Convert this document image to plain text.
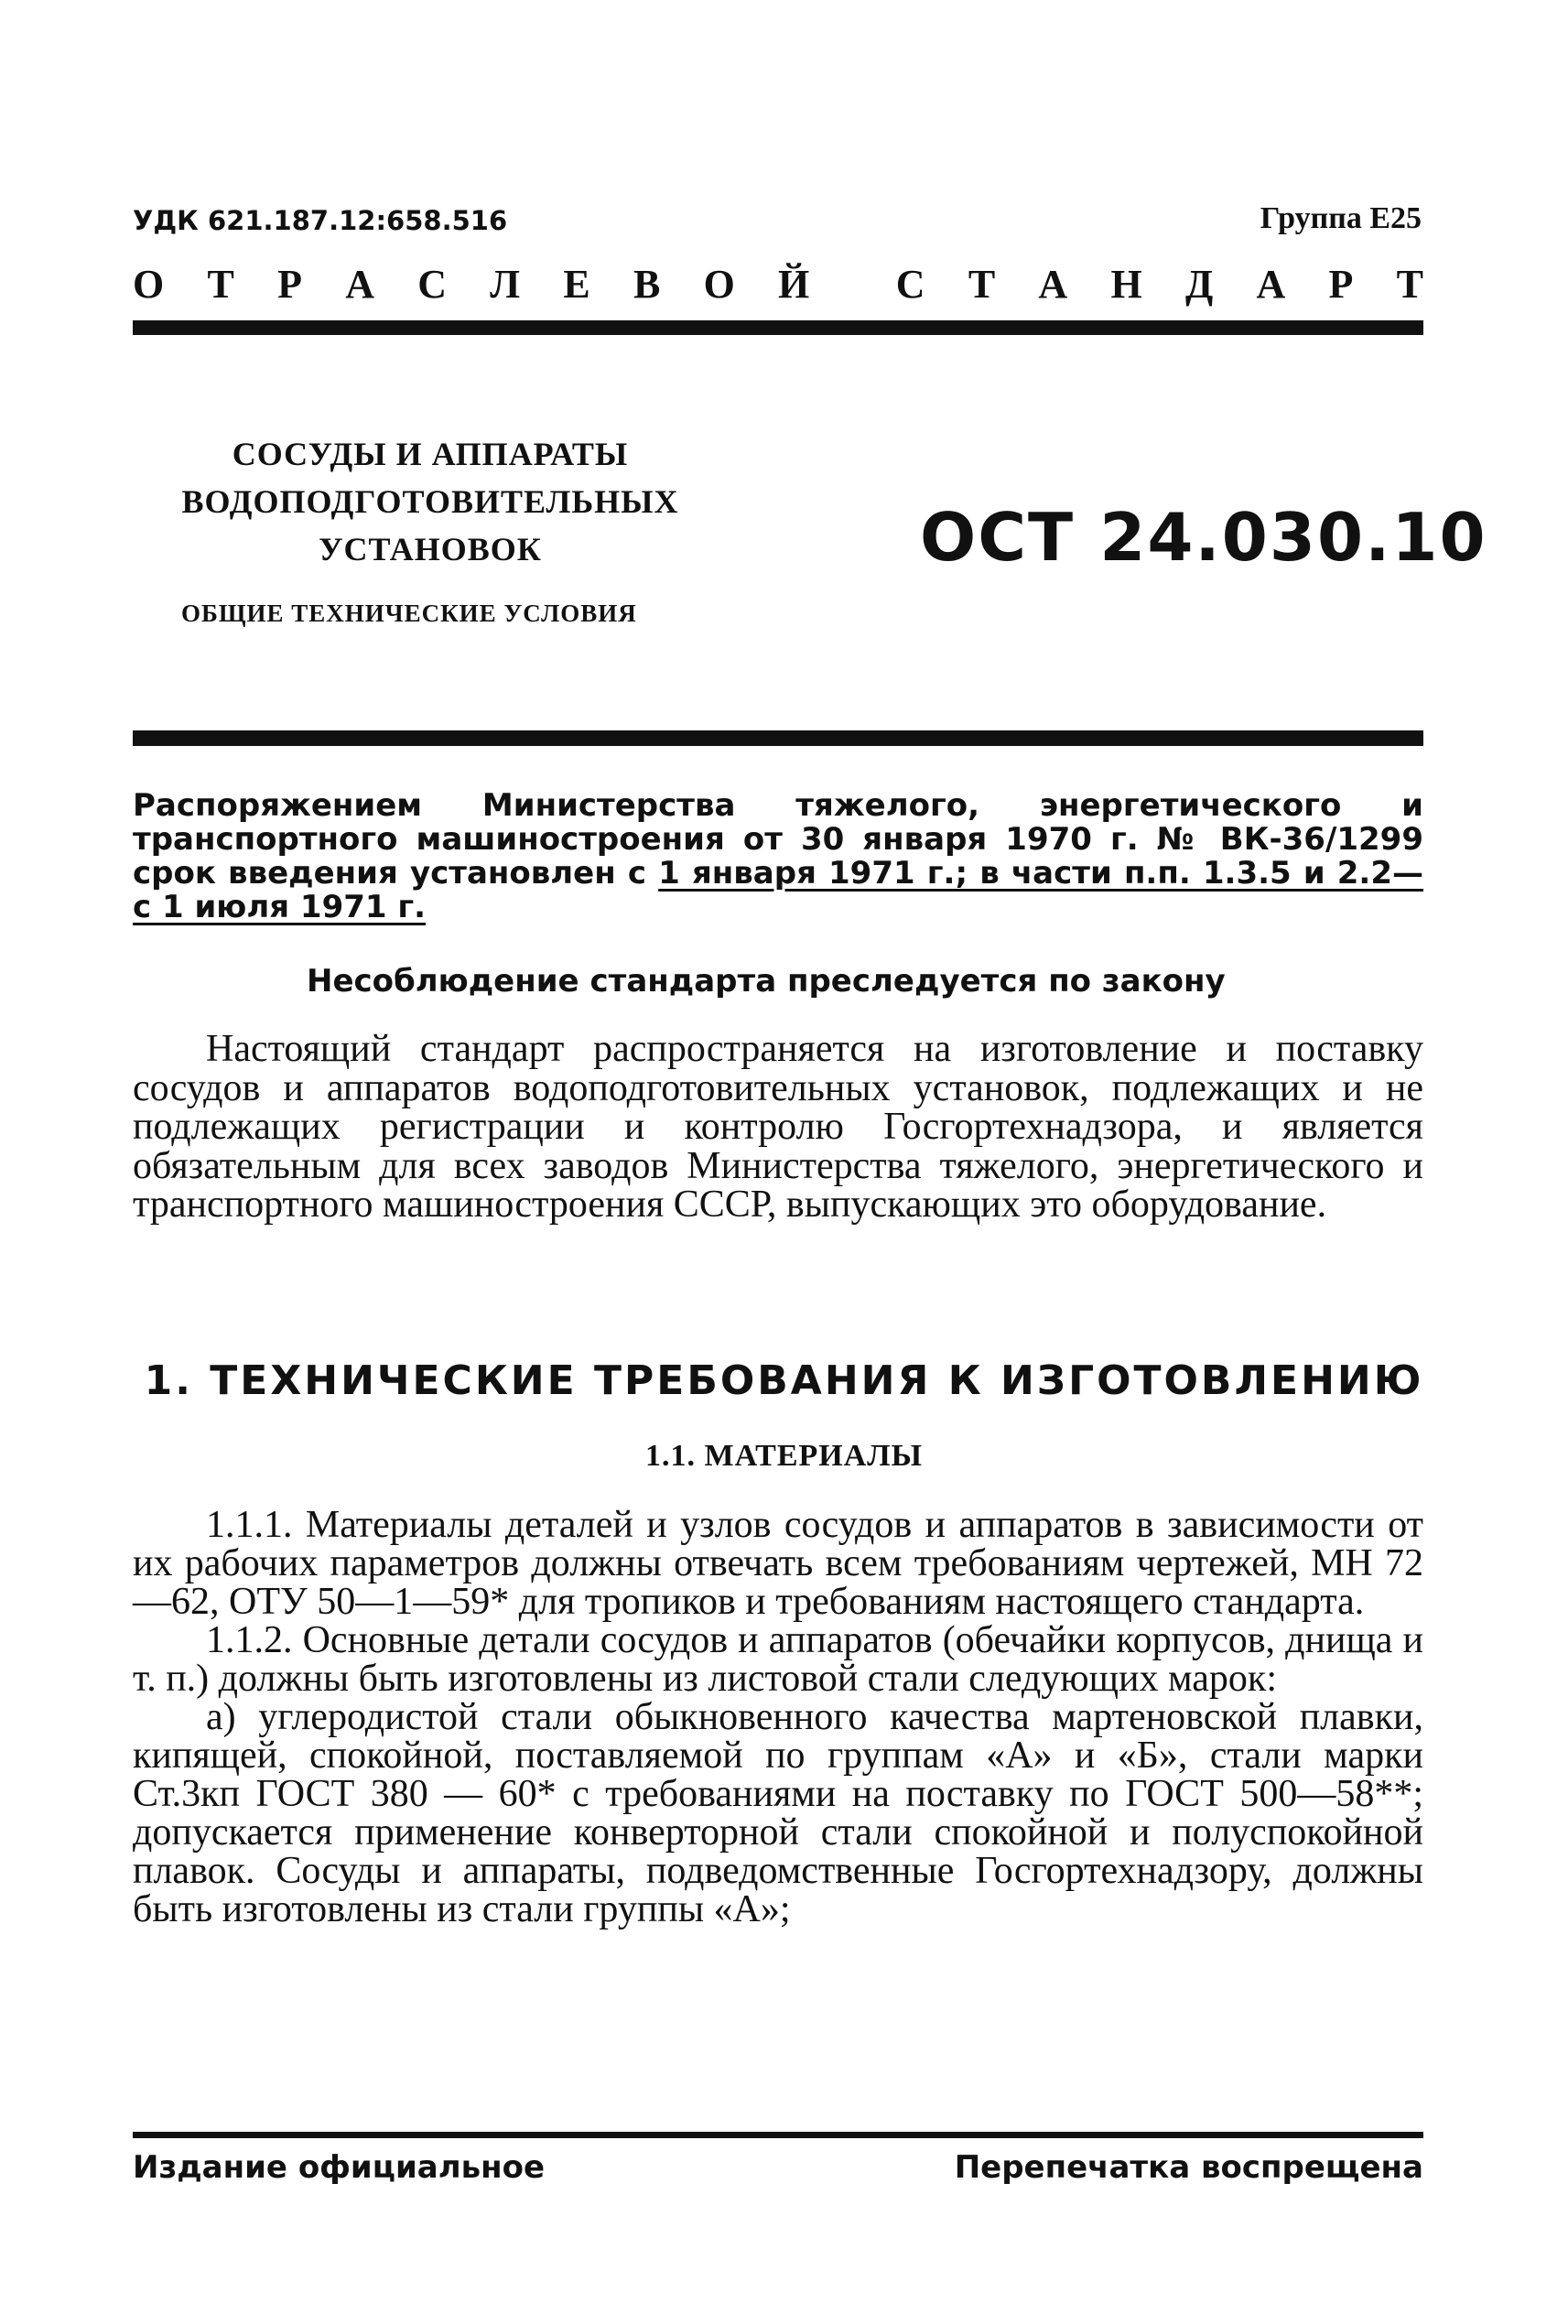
УДК 621.187.12:658.516	Группа Е25
О Т Р А С Л Е В О Й С Т А Н Д А Р Т
СОСУДЫ И АППАРАТЫ
ВОДОПОДГОТОВИТЕЛЬНЫХ
УСТАНОВОК
ОБЩИЕ ТЕХНИЧЕСКИЕ УСЛОВИЯ
ОСТ 24.030.10
Распоряжением Министерства тяжелого, энергетического и транспортного машиностроения от 30 января 1970 г. № ВК-36/1299 срок введения установлен с 1 января 1971 г.; в части п.п. 1.3.5 и 2.2—с 1 июля 1971 г.
Несоблюдение стандарта преследуется по закону
Настоящий стандарт распространяется на изготовление и поставку сосудов и аппаратов водоподготовительных установок, подлежащих и не подлежащих регистрации и контролю Госгортехнадзора, и является обязательным для всех заводов Министерства тяжелого, энергетического и транспортного машиностроения СССР, выпускающих это оборудование.
1. ТЕХНИЧЕСКИЕ ТРЕБОВАНИЯ К ИЗГОТОВЛЕНИЮ
1.1. МАТЕРИАЛЫ

1.1.1. Материалы деталей и узлов сосудов и аппаратов в зависимости от их рабочих параметров должны отвечать всем требованиям чертежей, МН 72—62, ОТУ 50—1—59* для тропиков и требованиям настоящего стандарта.

1.1.2. Основные детали сосудов и аппаратов (обечайки корпусов, днища и т. п.) должны быть изготовлены из листовой стали следующих марок:

а) углеродистой стали обыкновенного качества мартеновской плавки, кипящей, спокойной, поставляемой по группам «А» и «Б», стали марки Ст.3кп ГОСТ 380 — 60* с требованиями на поставку по ГОСТ 500—58**; допускается применение конверторной стали спокойной и полуспокойной плавок. Сосуды и аппараты, подведомственные Госгортехнадзору, должны быть изготовлены из стали группы «А»;

Издание официальное	Перепечатка воспрещена
